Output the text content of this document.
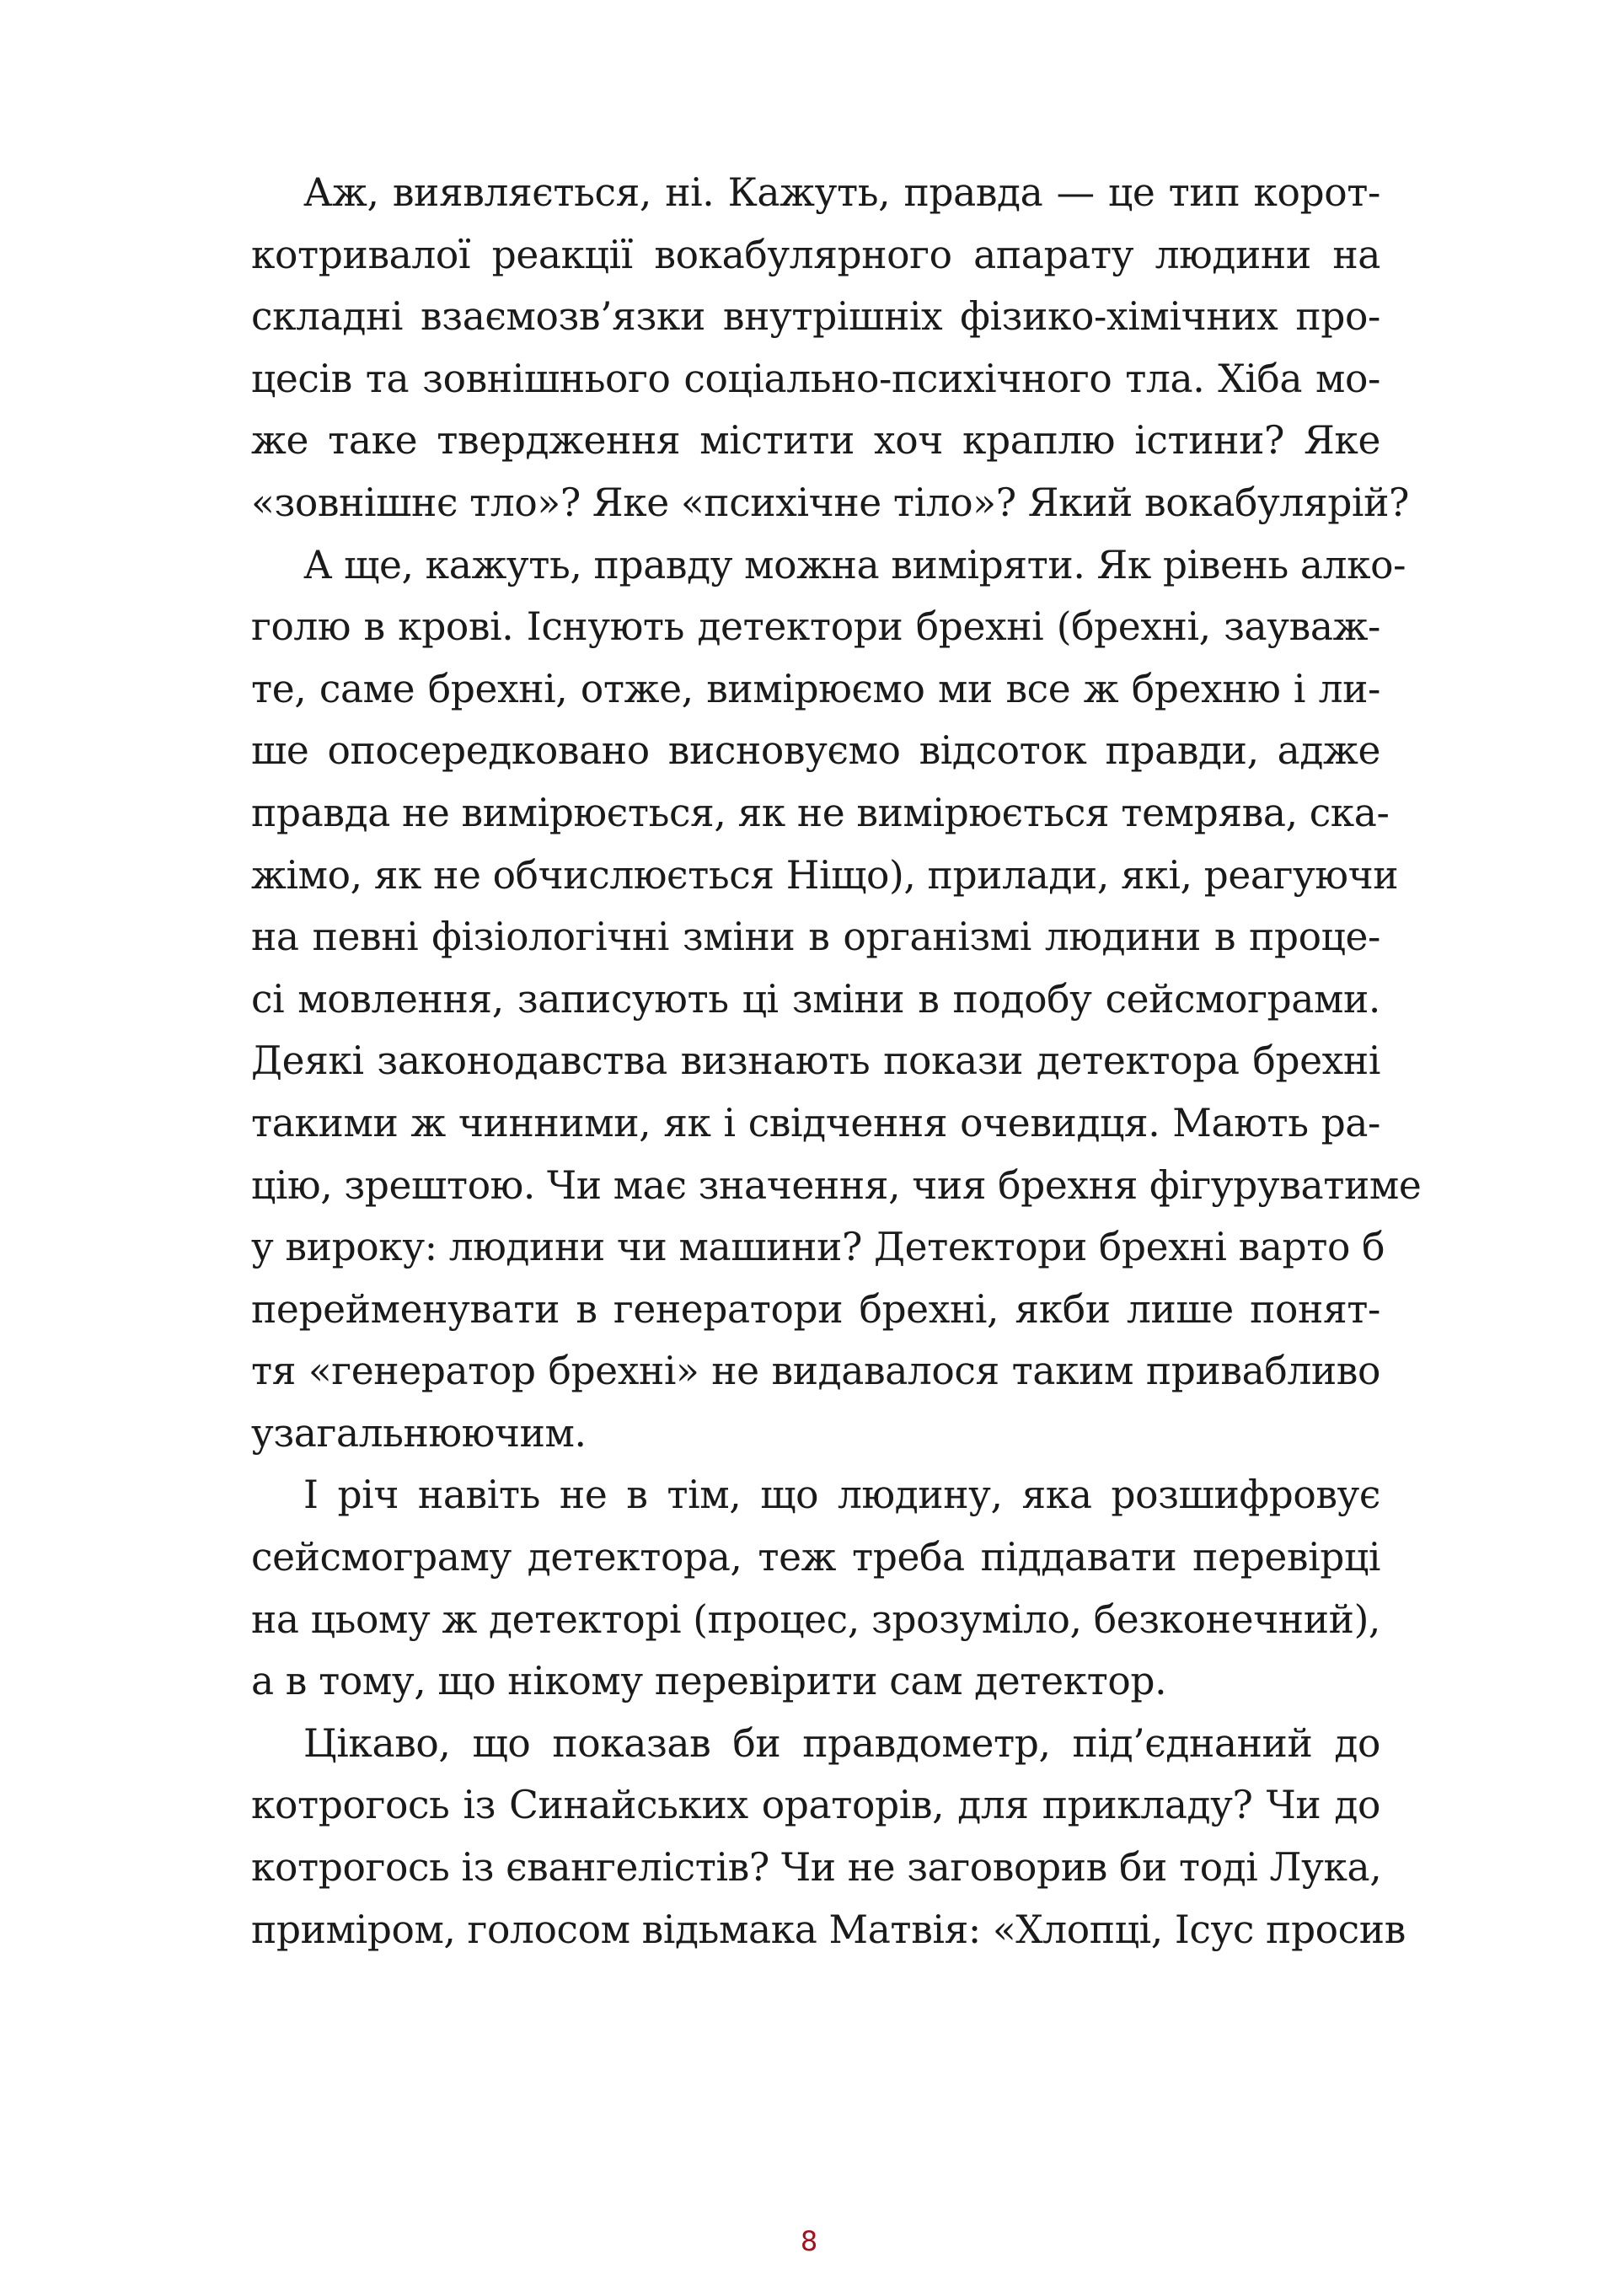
Аж, виявляється, ні. Кажуть, правда — це тип корот-
котривалої реакції вокабулярного апарату людини на
складні взаємозв’язки внутрішніх фізико-хімічних про-
цесів та зовнішнього соціально-психічного тла. Хіба мо-
же таке твердження містити хоч краплю істини? Яке
«зовнішнє тло»? Яке «психічне тіло»? Який вокабулярій?
А ще, кажуть, правду можна виміряти. Як рівень алко-
голю в крові. Існують детектори брехні (брехні, зауваж-
те, саме брехні, отже, вимірюємо ми все ж брехню і ли-
ше опосередковано висновуємо відсоток правди, адже
правда не вимірюється, як не вимірюється темрява, ска-
жімо, як не обчислюється Ніщо), прилади, які, реагуючи
на певні фізіологічні зміни в організмі людини в проце-
сі мовлення, записують ці зміни в подобу сейсмограми.
Деякі законодавства визнають покази детектора брехні
такими ж чинними, як і свідчення очевидця. Мають ра-
цію, зрештою. Чи має значення, чия брехня фігуруватиме
у вироку: людини чи машини? Детектори брехні варто б
перейменувати в генератори брехні, якби лише понят-
тя «генератор брехні» не видавалося таким привабливо
узагальнюючим.
І річ навіть не в тім, що людину, яка розшифровує
сейсмограму детектора, теж треба піддавати перевірці
на цьому ж детекторі (процес, зрозуміло, безконечний),
а в тому, що нікому перевірити сам детектор.
Цікаво, що показав би правдометр, під’єднаний до
котрогось із Синайських ораторів, для прикладу? Чи до
котрогось із євангелістів? Чи не заговорив би тоді Лука,
приміром, голосом відьмака Матвія: «Хлопці, Ісус просив
8
